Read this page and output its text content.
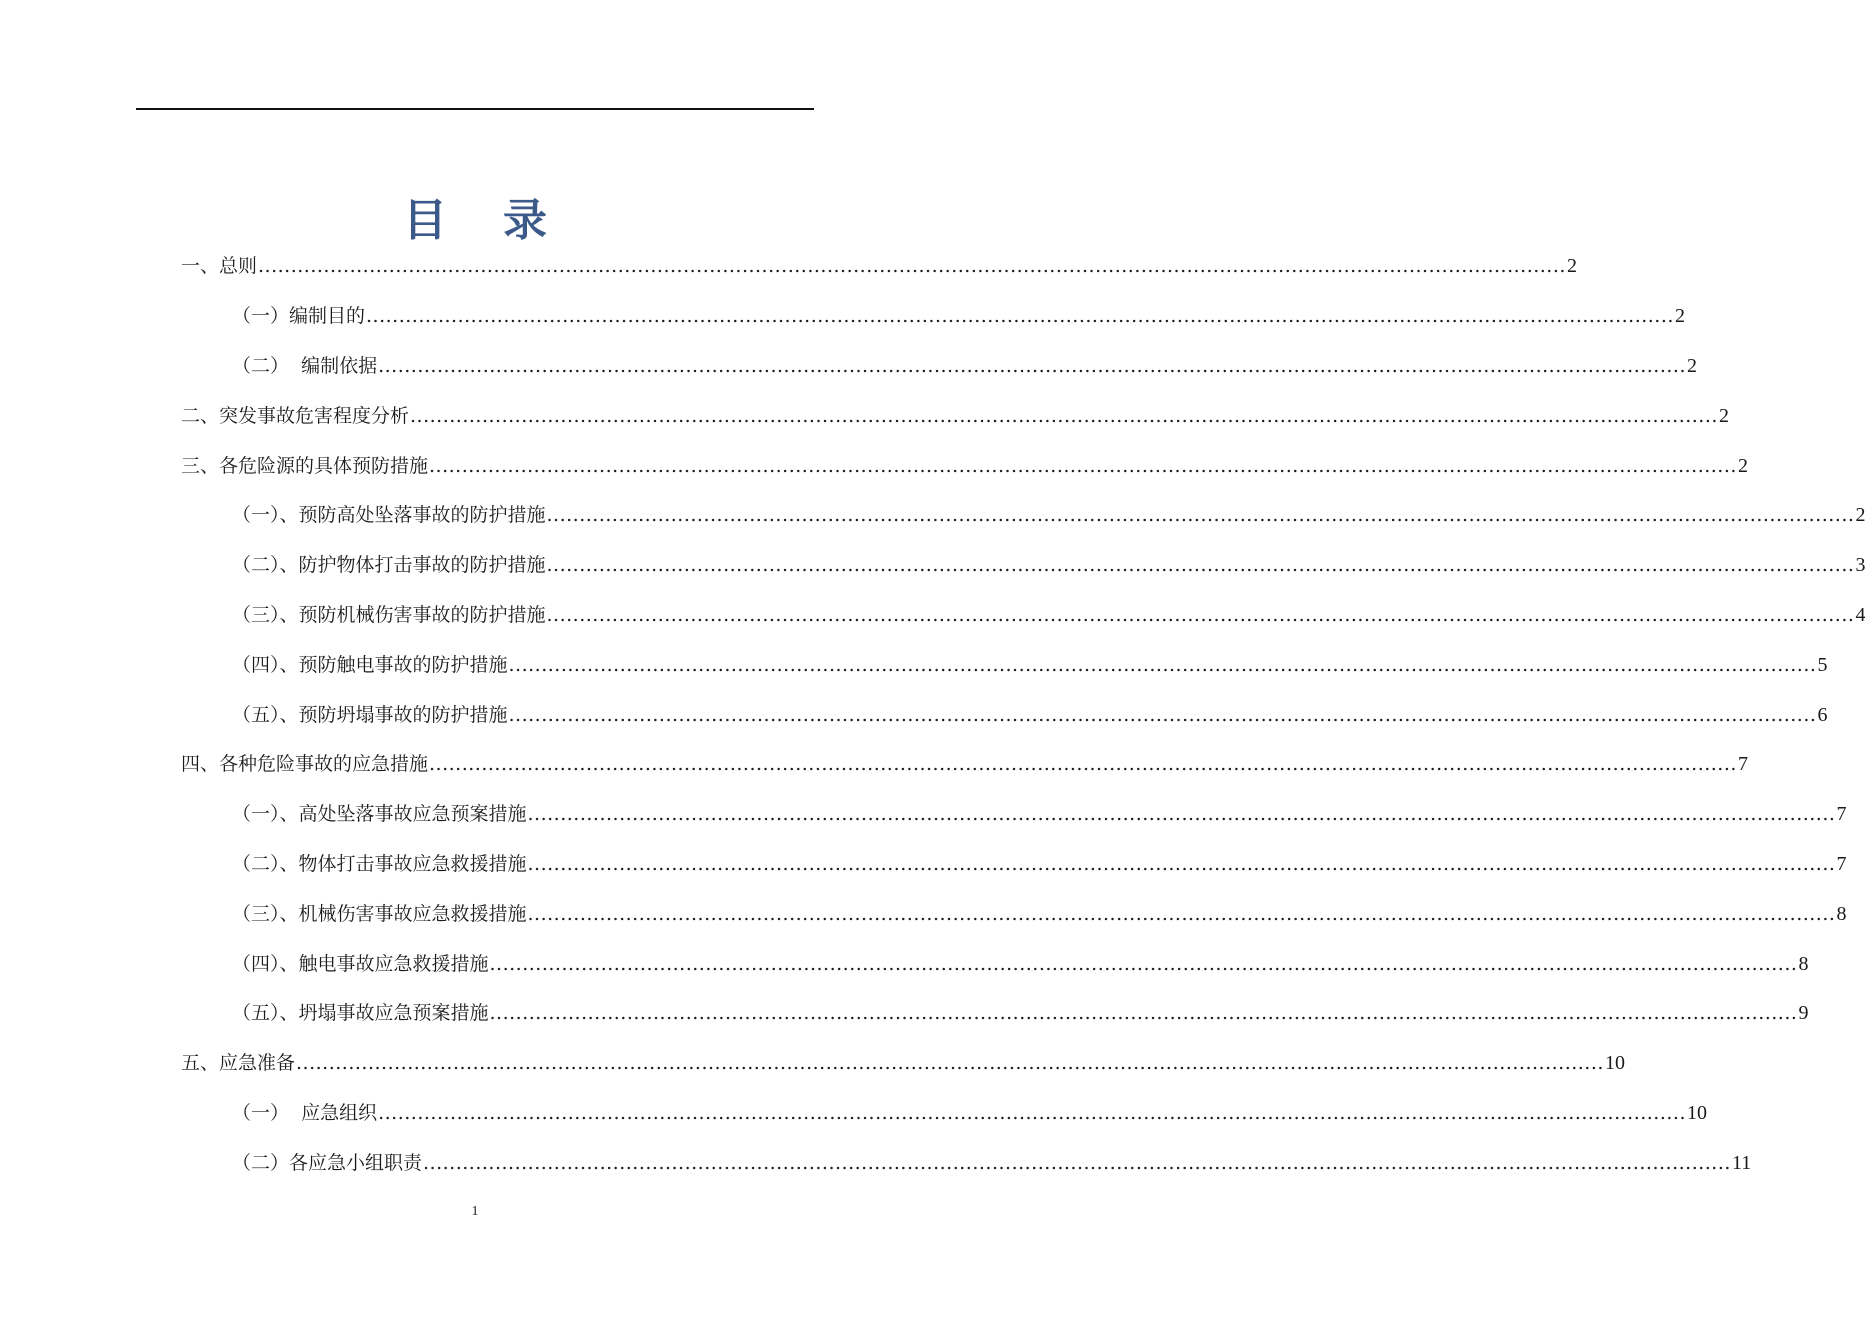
目录
一、总则 ........................................................................................................................................................................................................ 2
（一）编制目的 ........................................................................................................................................................................................................ 2
（二）  编制依据 ........................................................................................................................................................................................................ 2
二、突发事故危害程度分析 ........................................................................................................................................................................................................ 2
三、各危险源的具体预防措施 ........................................................................................................................................................................................................ 2
（一）、预防高处坠落事故的防护措施 ........................................................................................................................................................................................................ 2
（二）、防护物体打击事故的防护措施 ........................................................................................................................................................................................................ 3
（三）、预防机械伤害事故的防护措施 ........................................................................................................................................................................................................ 4
（四）、预防触电事故的防护措施 ........................................................................................................................................................................................................ 5
（五）、预防坍塌事故的防护措施 ........................................................................................................................................................................................................ 6
四、各种危险事故的应急措施 ........................................................................................................................................................................................................ 7
（一）、高处坠落事故应急预案措施 ........................................................................................................................................................................................................ 7
（二）、物体打击事故应急救援措施 ........................................................................................................................................................................................................ 7
（三）、机械伤害事故应急救援措施 ........................................................................................................................................................................................................ 8
（四）、触电事故应急救援措施 ........................................................................................................................................................................................................ 8
（五）、坍塌事故应急预案措施 ........................................................................................................................................................................................................ 9
五、应急准备 ........................................................................................................................................................................................................ 10
（一）  应急组织 ........................................................................................................................................................................................................ 10
（二）各应急小组职责 ........................................................................................................................................................................................................ 11
1
